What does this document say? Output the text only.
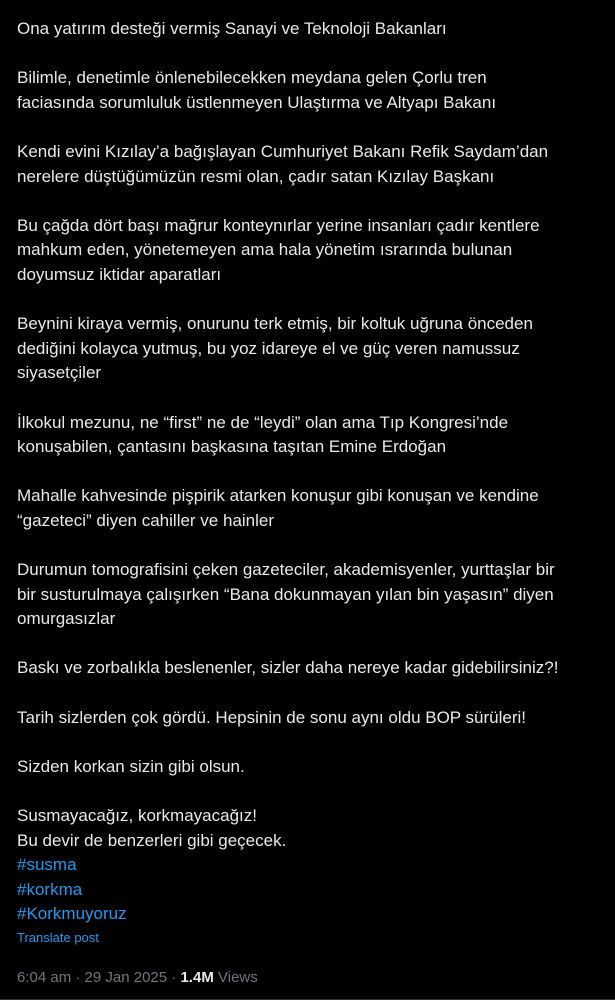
Ona yatırım desteği vermiş Sanayi ve Teknoloji Bakanları
Bilimle, denetimle önlenebilecekken meydana gelen Çorlu tren
faciasında sorumluluk üstlenmeyen Ulaştırma ve Altyapı Bakanı
Kendi evini Kızılay’a bağışlayan Cumhuriyet Bakanı Refik Saydam’dan
nerelere düştüğümüzün resmi olan, çadır satan Kızılay Başkanı
Bu çağda dört başı mağrur konteynırlar yerine insanları çadır kentlere
mahkum eden, yönetemeyen ama hala yönetim ısrarında bulunan
doyumsuz iktidar aparatları
Beynini kiraya vermiş, onurunu terk etmiş, bir koltuk uğruna önceden
dediğini kolayca yutmuş, bu yoz idareye el ve güç veren namussuz
siyasetçiler
İlkokul mezunu, ne “first” ne de “leydi” olan ama Tıp Kongresi’nde
konuşabilen, çantasını başkasına taşıtan Emine Erdoğan
Mahalle kahvesinde pişpirik atarken konuşur gibi konuşan ve kendine
“gazeteci” diyen cahiller ve hainler
Durumun tomografisini çeken gazeteciler, akademisyenler, yurttaşlar bir
bir susturulmaya çalışırken “Bana dokunmayan yılan bin yaşasın” diyen
omurgasızlar
Baskı ve zorbalıkla beslenenler, sizler daha nereye kadar gidebilirsiniz?!
Tarih sizlerden çok gördü. Hepsinin de sonu aynı oldu BOP sürüleri!
Sizden korkan sizin gibi olsun.
Susmayacağız, korkmayacağız!
Bu devir de benzerleri gibi geçecek.
#susma
#korkma
#Korkmuyoruz
Translate post
6:04 am · 29 Jan 2025 · 1.4M Views
